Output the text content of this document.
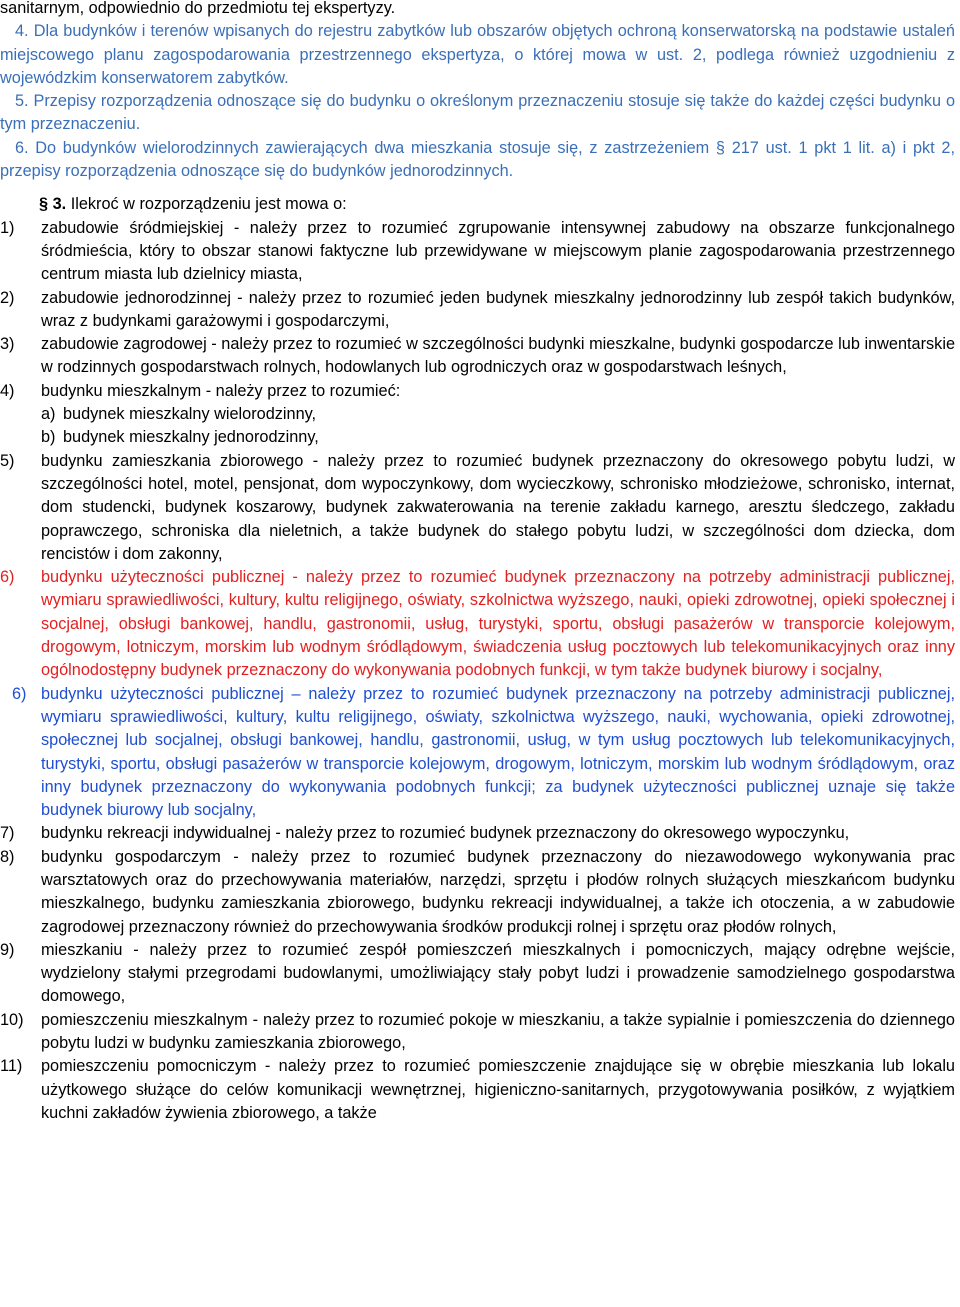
sanitarnym, odpowiednio do przedmiotu tej ekspertyzy.

4. Dla budynków i terenów wpisanych do rejestru zabytków lub obszarów objętych ochroną konserwatorską na podstawie ustaleń miejscowego planu zagospodarowania przestrzennego ekspertyza, o której mowa w ust. 2, podlega również uzgodnieniu z wojewódzkim konserwatorem zabytków.

5. Przepisy rozporządzenia odnoszące się do budynku o określonym przeznaczeniu stosuje się także do każdej części budynku o tym przeznaczeniu.

6. Do budynków wielorodzinnych zawierających dwa mieszkania stosuje się, z zastrzeżeniem § 217 ust. 1 pkt 1 lit. a) i pkt 2, przepisy rozporządzenia odnoszące się do budynków jednorodzinnych.

§ 3. Ilekroć w rozporządzeniu jest mowa o:

1) zabudowie śródmiejskiej - należy przez to rozumieć zgrupowanie intensywnej zabudowy na obszarze funkcjonalnego śródmieścia, który to obszar stanowi faktyczne lub przewidywane w miejscowym planie zagospodarowania przestrzennego centrum miasta lub dzielnicy miasta,
2) zabudowie jednorodzinnej - należy przez to rozumieć jeden budynek mieszkalny jednorodzinny lub zespół takich budynków, wraz z budynkami garażowymi i gospodarczymi,
3) zabudowie zagrodowej - należy przez to rozumieć w szczególności budynki mieszkalne, budynki gospodarcze lub inwentarskie w rodzinnych gospodarstwach rolnych, hodowlanych lub ogrodniczych oraz w gospodarstwach leśnych,
4) budynku mieszkalnym - należy przez to rozumieć:
a) budynek mieszkalny wielorodzinny,
b) budynek mieszkalny jednorodzinny,
5) budynku zamieszkania zbiorowego - należy przez to rozumieć budynek przeznaczony do okresowego pobytu ludzi, w szczególności hotel, motel, pensjonat, dom wypoczynkowy, dom wycieczkowy, schronisko młodzieżowe, schronisko, internat, dom studencki, budynek koszarowy, budynek zakwaterowania na terenie zakładu karnego, aresztu śledczego, zakładu poprawczego, schroniska dla nieletnich, a także budynek do stałego pobytu ludzi, w szczególności dom dziecka, dom rencistów i dom zakonny,
6) budynku użyteczności publicznej - należy przez to rozumieć budynek przeznaczony na potrzeby administracji publicznej, wymiaru sprawiedliwości, kultury, kultu religijnego, oświaty, szkolnictwa wyższego, nauki, opieki zdrowotnej, opieki społecznej i socjalnej, obsługi bankowej, handlu, gastronomii, usług, turystyki, sportu, obsługi pasażerów w transporcie kolejowym, drogowym, lotniczym, morskim lub wodnym śródlądowym, świadczenia usług pocztowych lub telekomunikacyjnych oraz inny ogólnodostępny budynek przeznaczony do wykonywania podobnych funkcji, w tym także budynek biurowy i socjalny,
6) budynku użyteczności publicznej – należy przez to rozumieć budynek przeznaczony na potrzeby administracji publicznej, wymiaru sprawiedliwości, kultury, kultu religijnego, oświaty, szkolnictwa wyższego, nauki, wychowania, opieki zdrowotnej, społecznej lub socjalnej, obsługi bankowej, handlu, gastronomii, usług, w tym usług pocztowych lub telekomunikacyjnych, turystyki, sportu, obsługi pasażerów w transporcie kolejowym, drogowym, lotniczym, morskim lub wodnym śródlądowym, oraz inny budynek przeznaczony do wykonywania podobnych funkcji; za budynek użyteczności publicznej uznaje się także budynek biurowy lub socjalny,
7) budynku rekreacji indywidualnej - należy przez to rozumieć budynek przeznaczony do okresowego wypoczynku,
8) budynku gospodarczym - należy przez to rozumieć budynek przeznaczony do niezawodowego wykonywania prac warsztatowych oraz do przechowywania materiałów, narzędzi, sprzętu i płodów rolnych służących mieszkańcom budynku mieszkalnego, budynku zamieszkania zbiorowego, budynku rekreacji indywidualnej, a także ich otoczenia, a w zabudowie zagrodowej przeznaczony również do przechowywania środków produkcji rolnej i sprzętu oraz płodów rolnych,
9) mieszkaniu - należy przez to rozumieć zespół pomieszczeń mieszkalnych i pomocniczych, mający odrębne wejście, wydzielony stałymi przegrodami budowlanymi, umożliwiający stały pobyt ludzi i prowadzenie samodzielnego gospodarstwa domowego,
10) pomieszczeniu mieszkalnym - należy przez to rozumieć pokoje w mieszkaniu, a także sypialnie i pomieszczenia do dziennego pobytu ludzi w budynku zamieszkania zbiorowego,
11) pomieszczeniu pomocniczym - należy przez to rozumieć pomieszczenie znajdujące się w obrębie mieszkania lub lokalu użytkowego służące do celów komunikacji wewnętrznej, higieniczno-sanitarnych, przygotowywania posiłków, z wyjątkiem kuchni zakładów żywienia zbiorowego, a także
